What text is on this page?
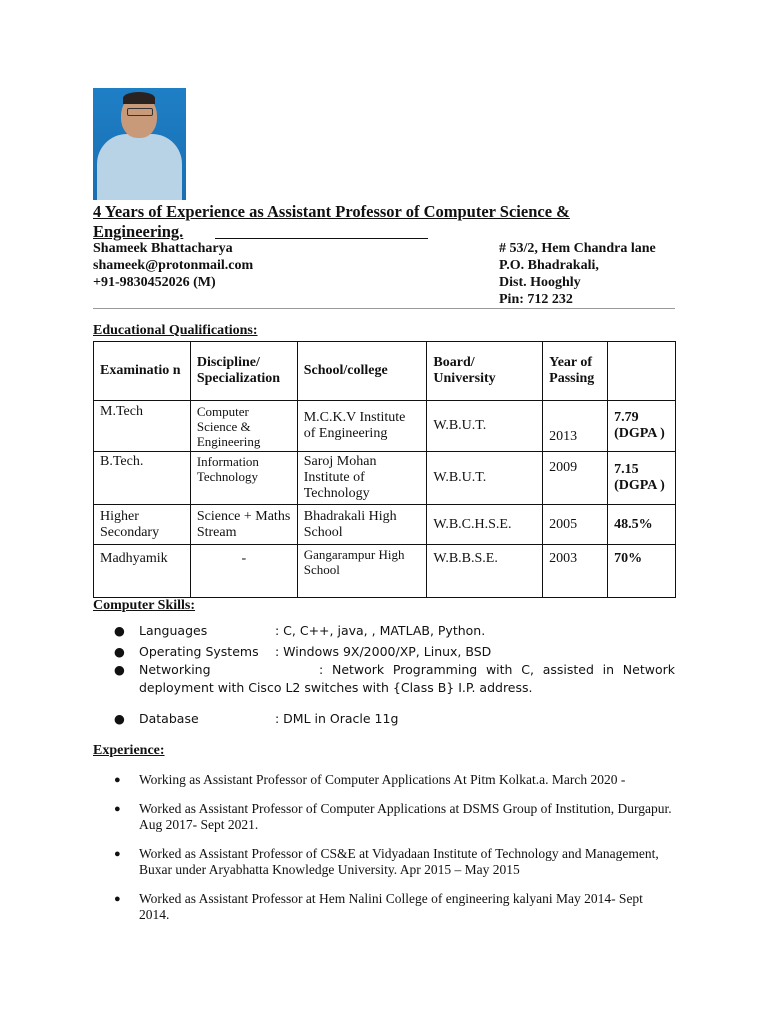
4 Years of Experience as Assistant Professor of Computer Science &
Engineering.
Shameek Bhattacharya
shameek@protonmail.com
+91-9830452026 (M)
# 53/2, Hem Chandra lane
P.O. Bhadrakali,
Dist. Hooghly
Pin: 712 232
Educational Qualifications:
Examinatio n	Discipline/ Specialization	School/college	Board/ University	Year of Passing	
M.Tech	Computer Science & Engineering	M.C.K.V Institute of Engineering	W.B.U.T.	2013	7.79 (DGPA )
B.Tech.	Information Technology	Saroj Mohan Institute of Technology	W.B.U.T.	2009	7.15 (DGPA )
Higher Secondary	Science + Maths Stream	Bhadrakali High School	W.B.C.H.S.E.	2005	48.5%
Madhyamik	-	Gangarampur High School	W.B.B.S.E.	2003	70%
Computer Skills:
● Languages	: C, C++, java, , MATLAB, Python.
● Operating Systems : Windows 9X/2000/XP, Linux, BSD
● Networking	: Network Programming with C, assisted in Network deployment with Cisco L2 switches with {Class B} I.P. address.
● Database	: DML in Oracle 11g
Experience:
● Working as Assistant Professor of Computer Applications At Pitm Kolkat.a. March 2020 -
● Worked as Assistant Professor of Computer Applications at DSMS Group of Institution, Durgapur. Aug 2017- Sept 2021.
● Worked as Assistant Professor of CS&E at Vidyadaan Institute of Technology and Management, Buxar under Aryabhatta Knowledge University. Apr 2015 – May 2015
● Worked as Assistant Professor at Hem Nalini College of engineering kalyani May 2014- Sept 2014.
